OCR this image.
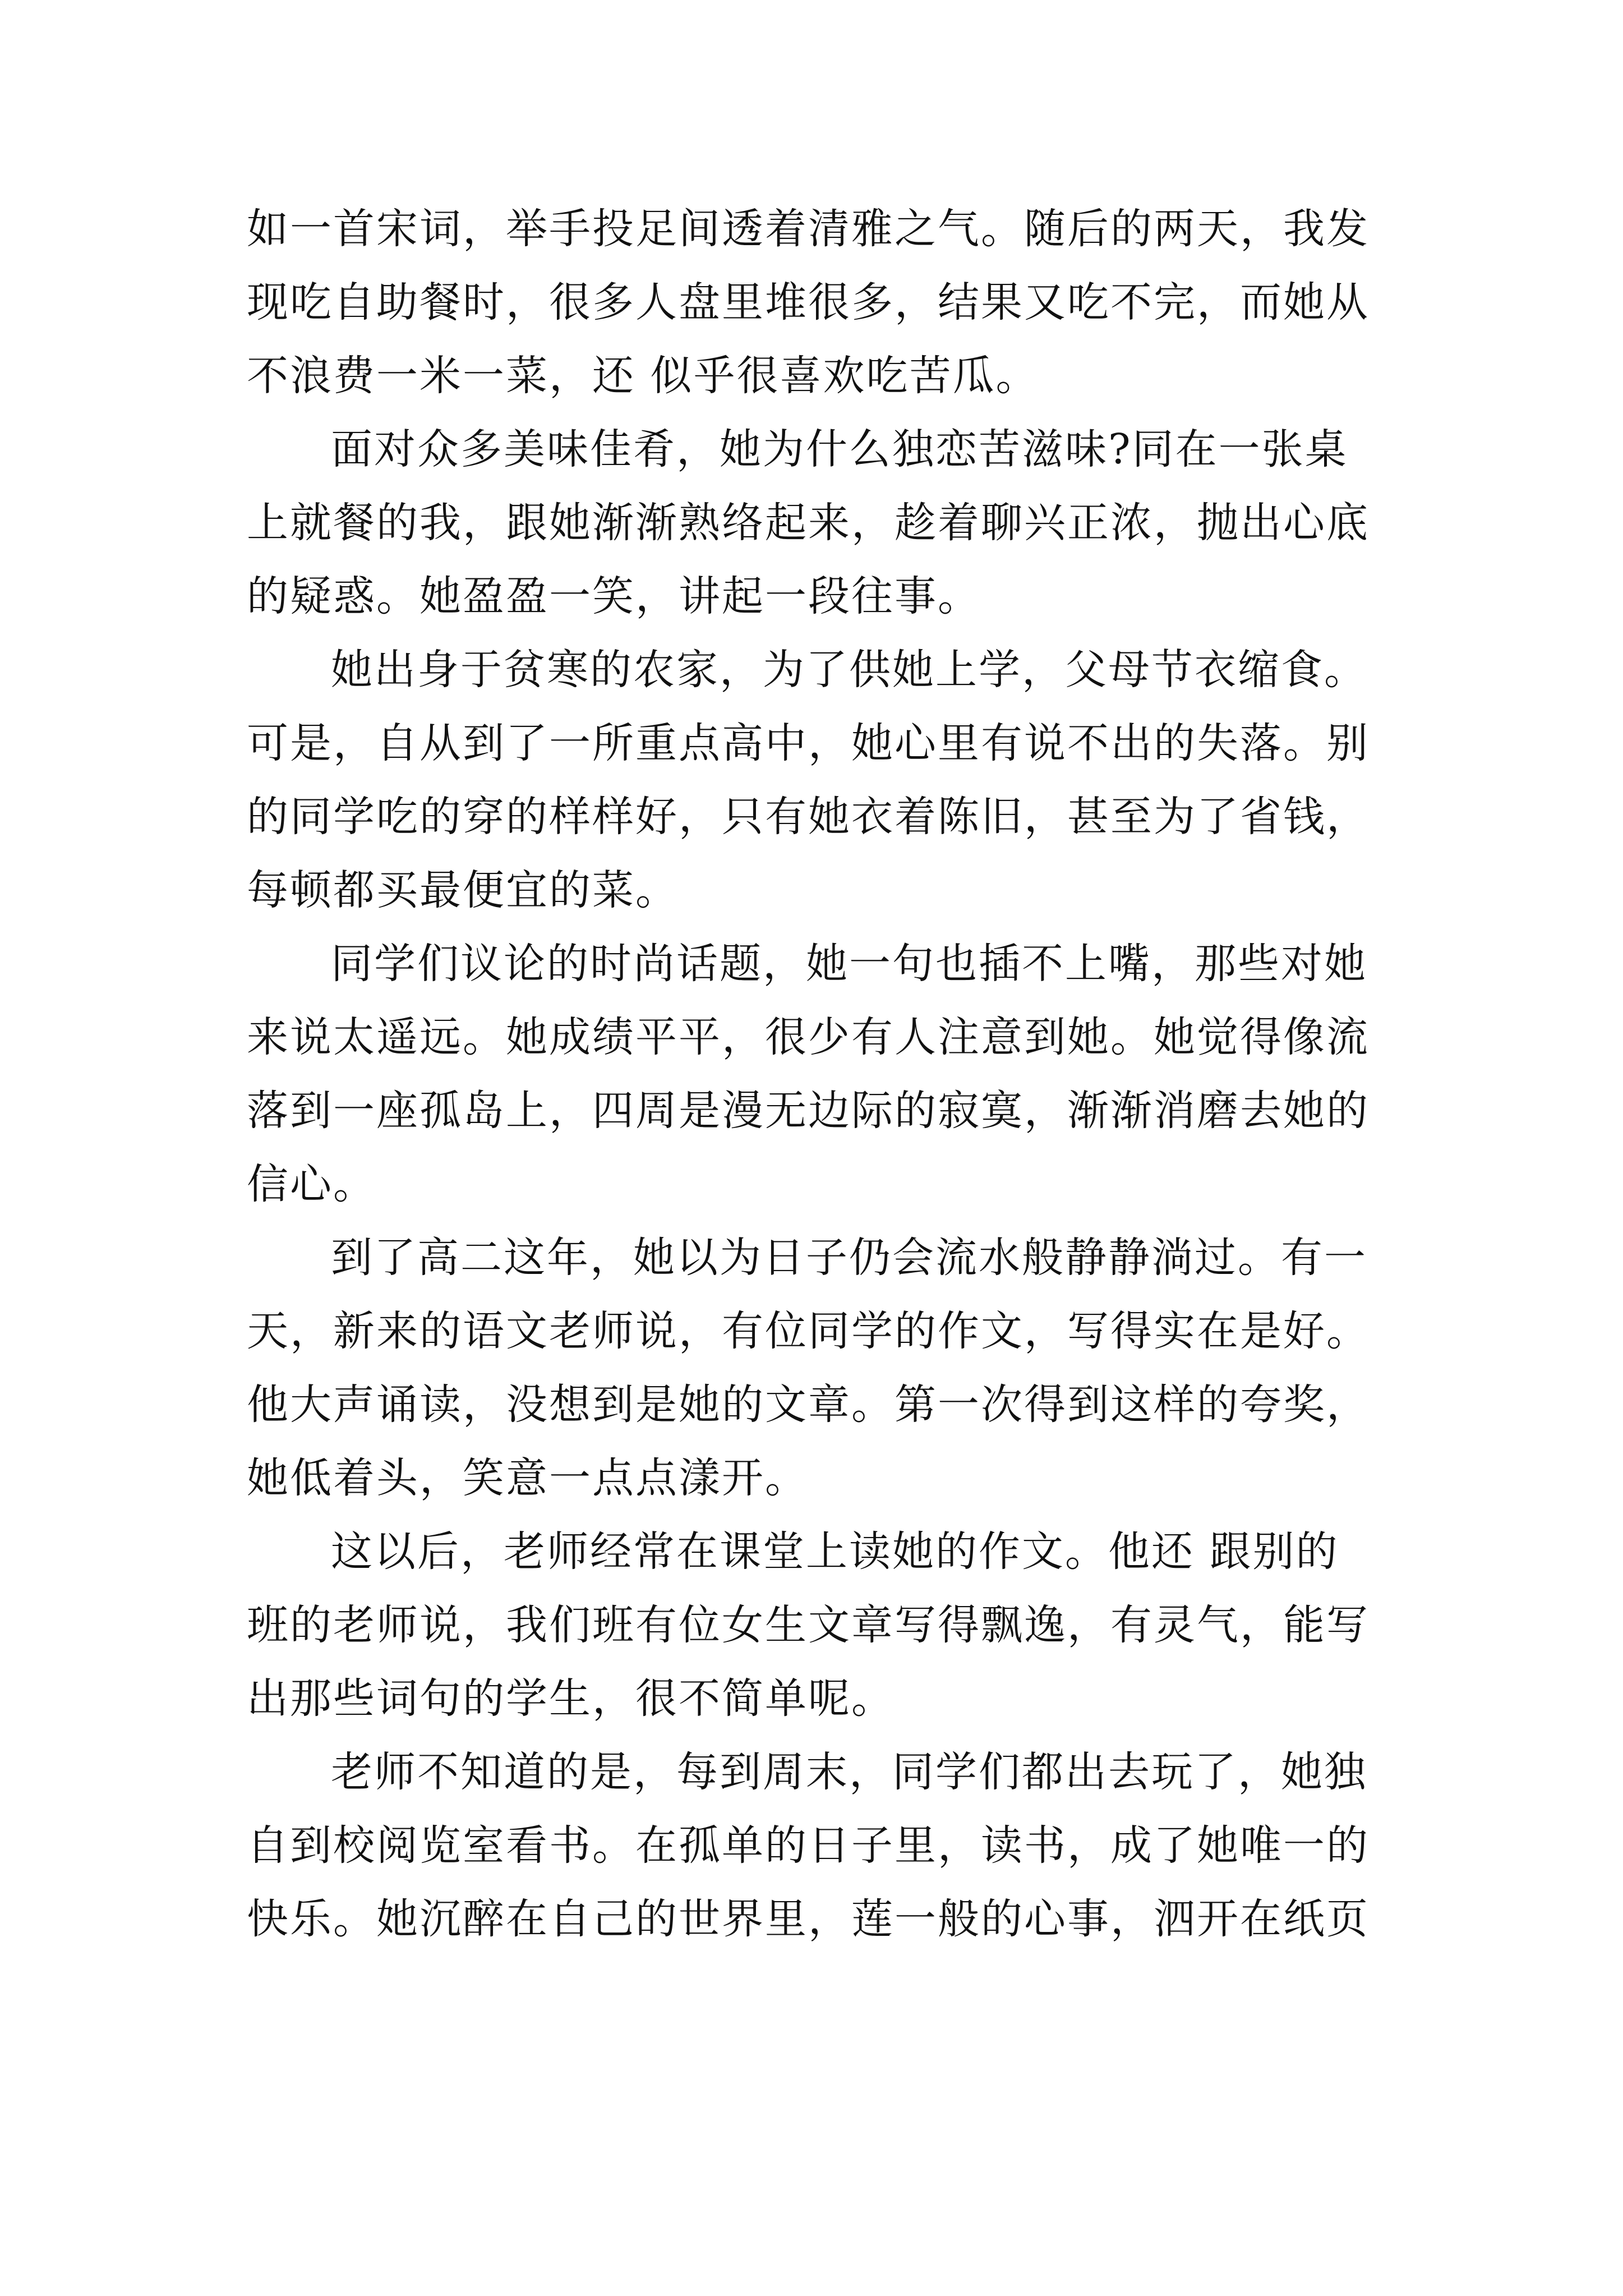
如一首宋词，举手投足间透着清雅之气。随后的两天，我发
现吃自助餐时，很多人盘里堆很多，结果又吃不完，而她从
不浪费一米一菜，还 似乎很喜欢吃苦瓜。
面对众多美味佳肴，她为什么独恋苦滋味?同在一张桌
上就餐的我，跟她渐渐熟络起来，趁着聊兴正浓，抛出心底
的疑惑。她盈盈一笑，讲起一段往事。
她出身于贫寒的农家，为了供她上学，父母节衣缩食。
可是，自从到了一所重点高中，她心里有说不出的失落。别
的同学吃的穿的样样好，只有她衣着陈旧，甚至为了省钱，
每顿都买最便宜的菜。
同学们议论的时尚话题，她一句也插不上嘴，那些对她
来说太遥远。她成绩平平，很少有人注意到她。她觉得像流
落到一座孤岛上，四周是漫无边际的寂寞，渐渐消磨去她的
信心。
到了高二这年，她以为日子仍会流水般静静淌过。有一
天，新来的语文老师说，有位同学的作文，写得实在是好。
他大声诵读，没想到是她的文章。第一次得到这样的夸奖，
她低着头，笑意一点点漾开。
这以后，老师经常在课堂上读她的作文。他还 跟别的
班的老师说，我们班有位女生文章写得飘逸，有灵气，能写
出那些词句的学生，很不简单呢。
老师不知道的是，每到周末，同学们都出去玩了，她独
自到校阅览室看书。在孤单的日子里，读书，成了她唯一的
快乐。她沉醉在自己的世界里，莲一般的心事，泗开在纸页
